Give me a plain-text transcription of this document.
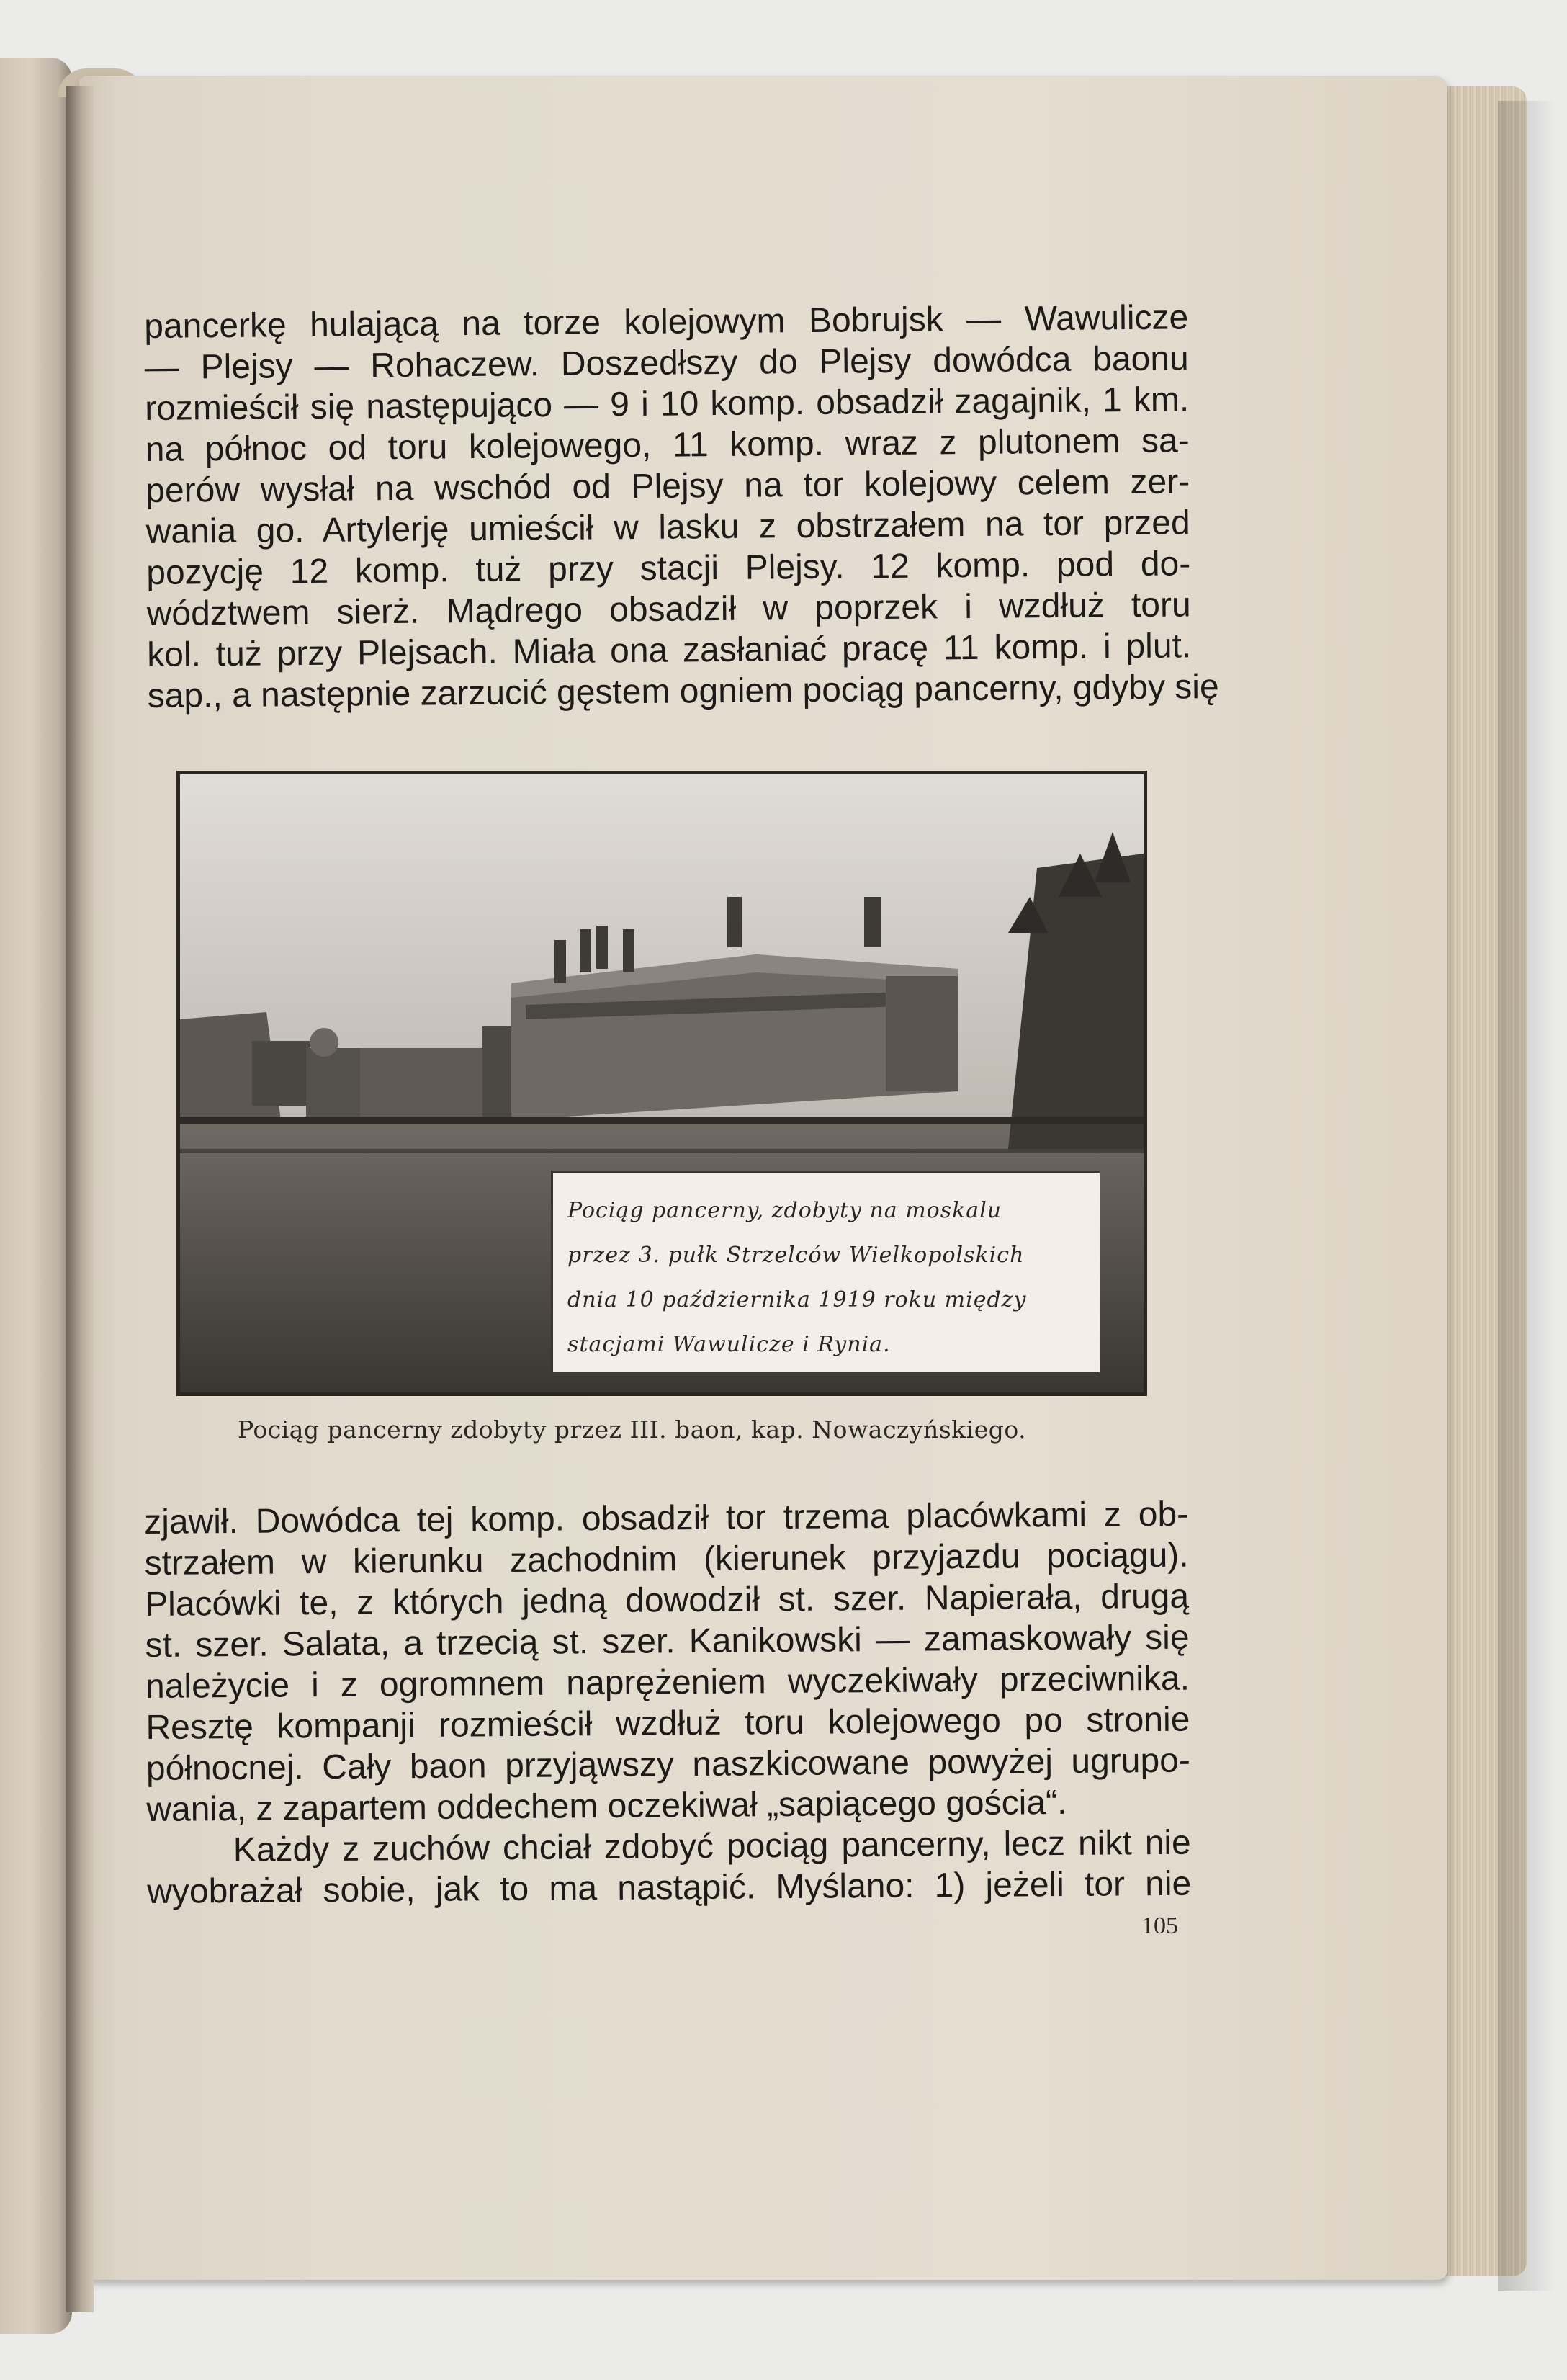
pancerkę hulającą na torze kolejowym Bobrujsk — Wawulicze

— Plejsy — Rohaczew. Doszedłszy do Plejsy dowódca baonu

rozmieścił się następująco — 9 i 10 komp. obsadził zagajnik, 1 km.

na północ od toru kolejowego, 11 komp. wraz z plutonem sa-

perów wysłał na wschód od Plejsy na tor kolejowy celem zer-

wania go. Artylerję umieścił w lasku z obstrzałem na tor przed

pozycję 12 komp. tuż przy stacji Plejsy. 12 komp. pod do-

wództwem sierż. Mądrego obsadził w poprzek i wzdłuż toru

kol. tuż przy Plejsach. Miała ona zasłaniać pracę 11 komp. i plut.

sap., a następnie zarzucić gęstem ogniem pociąg pancerny, gdyby się

Pociąg pancerny, zdobyty na moskalu
przez 3. pułk Strzelców Wielkopolskich
dnia 10 października 1919 roku między
stacjami Wawulicze i Rynia.
Pociąg pancerny zdobyty przez III. baon, kap. Nowaczyńskiego.

zjawił. Dowódca tej komp. obsadził tor trzema placówkami z ob-

strzałem w kierunku zachodnim (kierunek przyjazdu pociągu).

Placówki te, z których jedną dowodził st. szer. Napierała, drugą

st. szer. Salata, a trzecią st. szer. Kanikowski — zamaskowały się

należycie i z ogromnem naprężeniem wyczekiwały przeciwnika.

Resztę kompanji rozmieścił wzdłuż toru kolejowego po stronie

północnej. Cały baon przyjąwszy naszkicowane powyżej ugrupo-

wania, z zapartem oddechem oczekiwał „sapiącego gościa“.

Każdy z zuchów chciał zdobyć pociąg pancerny, lecz nikt nie

wyobrażał sobie, jak to ma nastąpić. Myślano: 1) jeżeli tor nie

105
